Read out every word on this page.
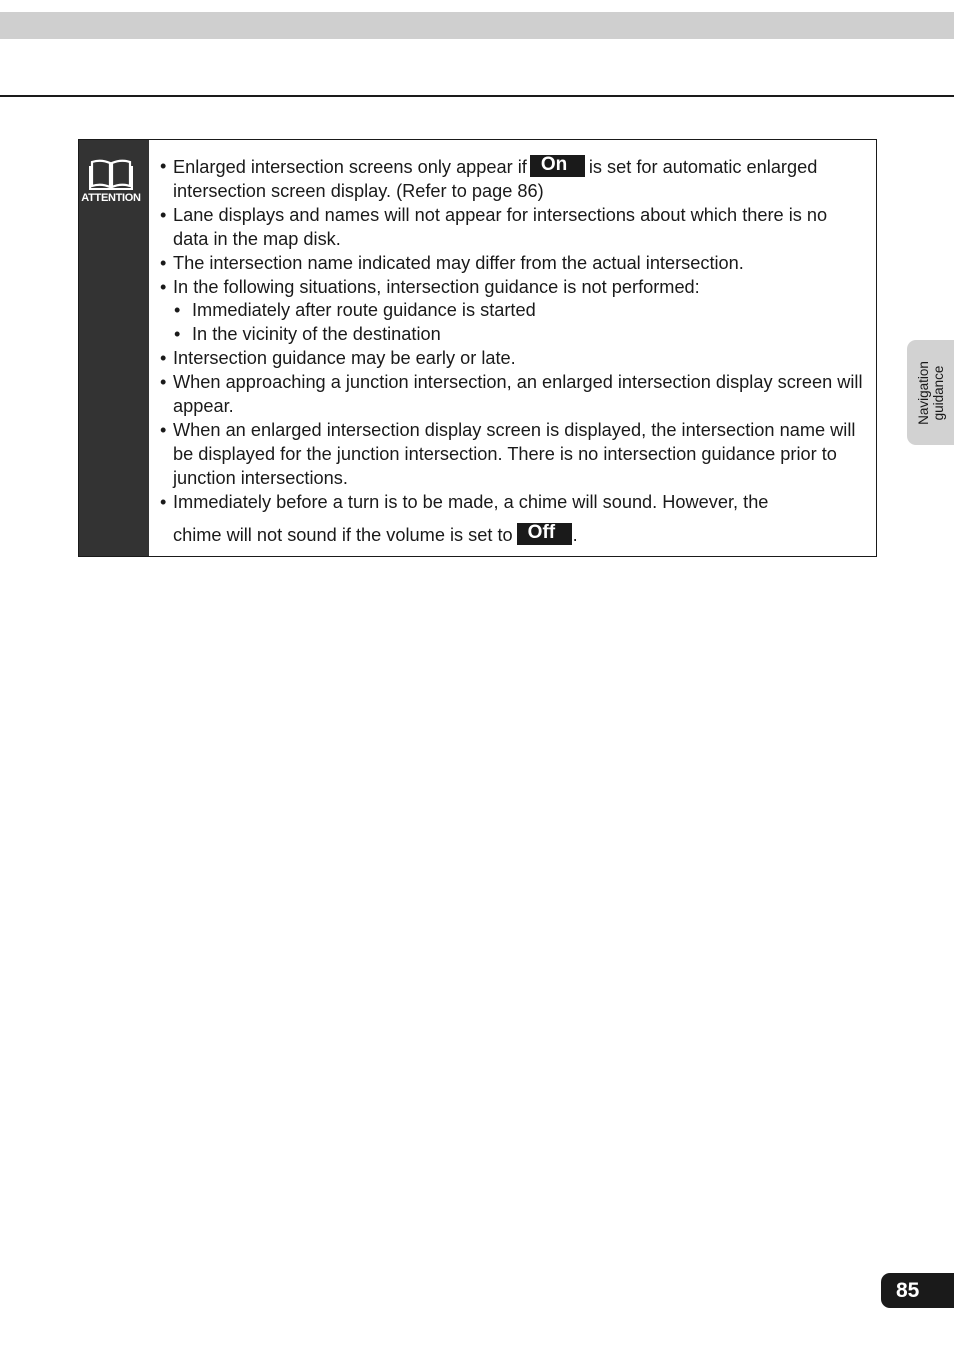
ATTENTION

• Enlarged intersection screens only appear if On is set for automatic enlarged intersection screen display. (Refer to page 86)

• Lane displays and names will not appear for intersections about which there is no data in the map disk.

• The intersection name indicated may differ from the actual intersection.

• In the following situations, intersection guidance is not performed:

• Immediately after route guidance is started

• In the vicinity of the destination

• Intersection guidance may be early or late.

• When approaching a junction intersection, an enlarged intersection display screen will appear.

• When an enlarged intersection display screen is displayed, the intersection name will be displayed for the junction intersection. There is no intersection guidance prior to junction intersections.

• Immediately before a turn is to be made, a chime will sound. However, the
chime will not sound if the volume is set to Off .

Navigation guidance
85
